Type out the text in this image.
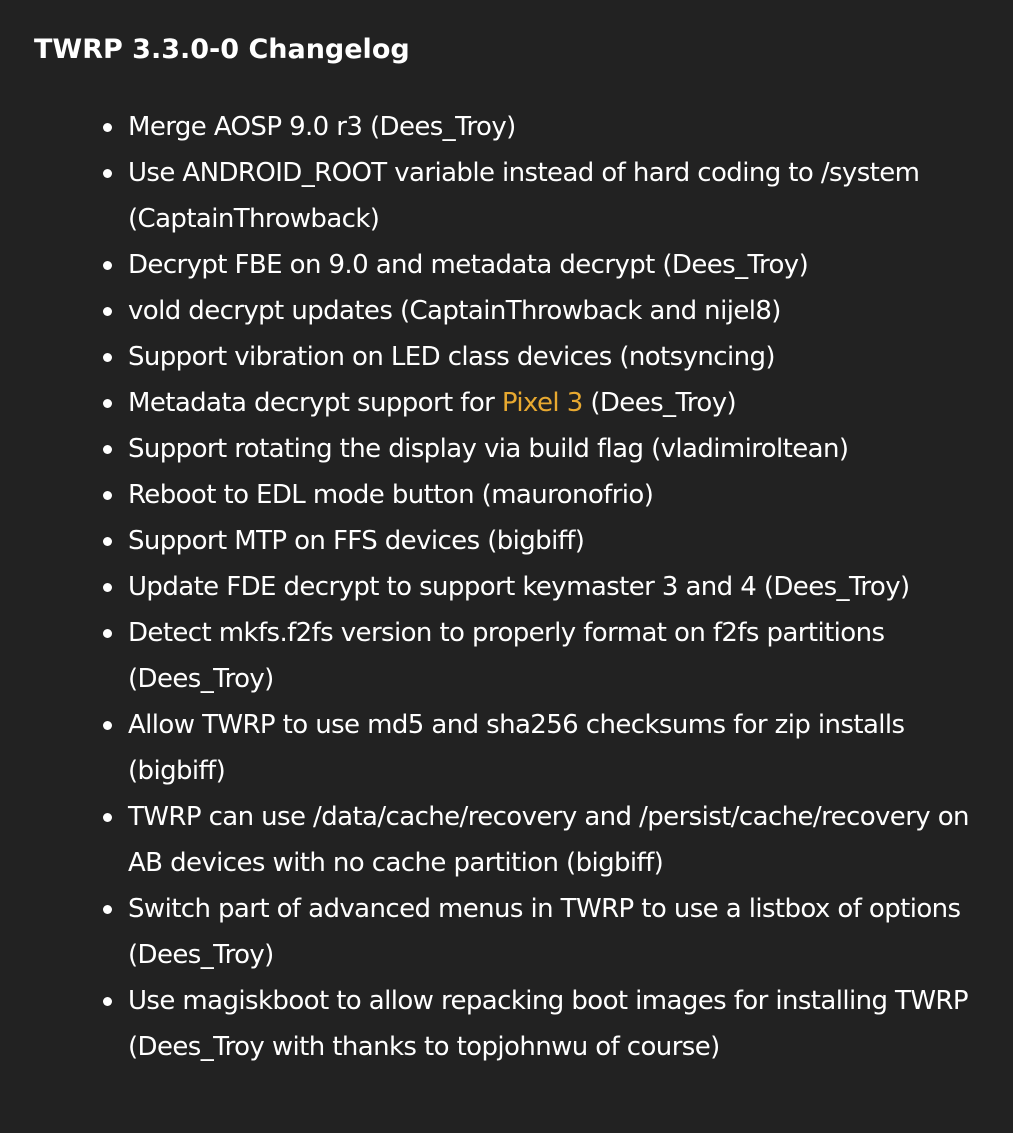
TWRP 3.3.0-0 Changelog
Merge AOSP 9.0 r3 (Dees_Troy)
Use ANDROID_ROOT variable instead of hard coding to /system (CaptainThrowback)
Decrypt FBE on 9.0 and metadata decrypt (Dees_Troy)
vold decrypt updates (CaptainThrowback and nijel8)
Support vibration on LED class devices (notsyncing)
Metadata decrypt support for Pixel 3 (Dees_Troy)
Support rotating the display via build flag (vladimiroltean)
Reboot to EDL mode button (mauronofrio)
Support MTP on FFS devices (bigbiff)
Update FDE decrypt to support keymaster 3 and 4 (Dees_Troy)
Detect mkfs.f2fs version to properly format on f2fs partitions (Dees_Troy)
Allow TWRP to use md5 and sha256 checksums for zip installs (bigbiff)
TWRP can use /data/cache/recovery and /persist/cache/recovery on AB devices with no cache partition (bigbiff)
Switch part of advanced menus in TWRP to use a listbox of options (Dees_Troy)
Use magiskboot to allow repacking boot images for installing TWRP (Dees_Troy with thanks to topjohnwu of course)
